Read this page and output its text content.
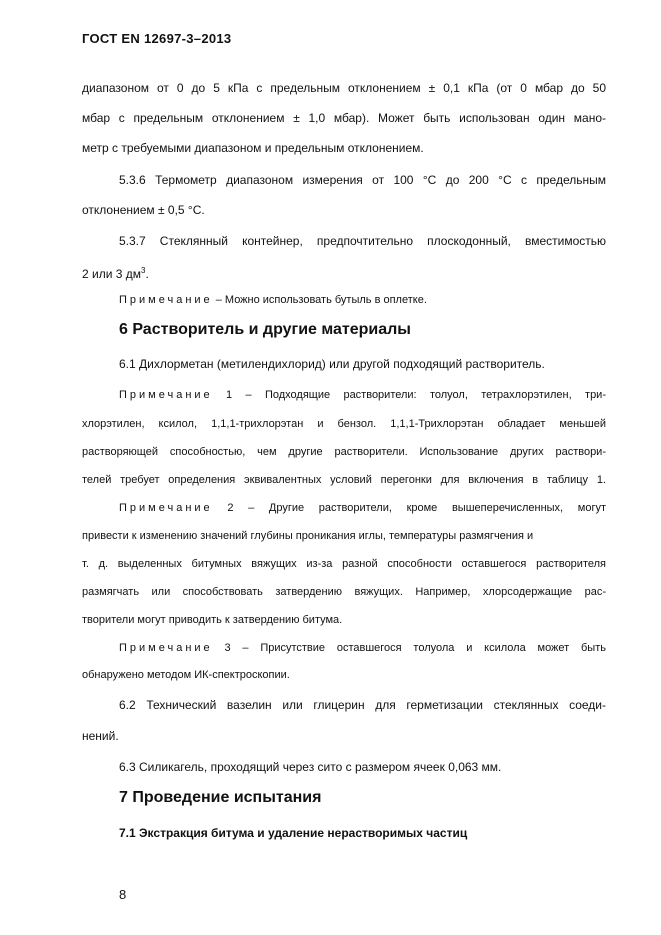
ГОСТ EN 12697-3–2013
диапазоном от 0 до 5 кПа с предельным отклонением ± 0,1 кПа (от 0 мбар до 50
мбар с предельным отклонением ± 1,0 мбар). Может быть использован один мано-
метр с требуемыми диапазоном и предельным отклонением.
5.3.6 Термометр диапазоном измерения от 100 °С до 200 °С с предельным
отклонением ± 0,5 °С.
5.3.7 Стеклянный контейнер, предпочтительно плоскодонный, вместимостью
2 или 3 $дм^3$.
Примечание – Можно использовать бутыль в оплетке.
6 Растворитель и другие материалы
6.1 Дихлорметан (метилендихлорид) или другой подходящий растворитель.
Примечание 1 – Подходящие растворители: толуол, тетрахлорэтилен, три-
хлорэтилен, ксилол, 1,1,1-трихлорэтан и бензол. 1,1,1-Трихлорэтан обладает меньшей
растворяющей способностью, чем другие растворители. Использование других раствори-
телей требует определения эквивалентных условий перегонки для включения в таблицу 1.
Примечание 2 – Другие растворители, кроме вышеперечисленных, могут
привести к изменению значений глубины проникания иглы, температуры размягчения и
т. д. выделенных битумных вяжущих из-за разной способности оставшегося растворителя
размягчать или способствовать затвердению вяжущих. Например, хлорсодержащие рас-
творители могут приводить к затвердению битума.
Примечание 3 – Присутствие оставшегося толуола и ксилола может быть
обнаружено методом ИК-спектроскопии.
6.2 Технический вазелин или глицерин для герметизации стеклянных соеди-
нений.
6.3 Силикагель, проходящий через сито с размером ячеек 0,063 мм.
7 Проведение испытания
7.1 Экстракция битума и удаление нерастворимых частиц
8
